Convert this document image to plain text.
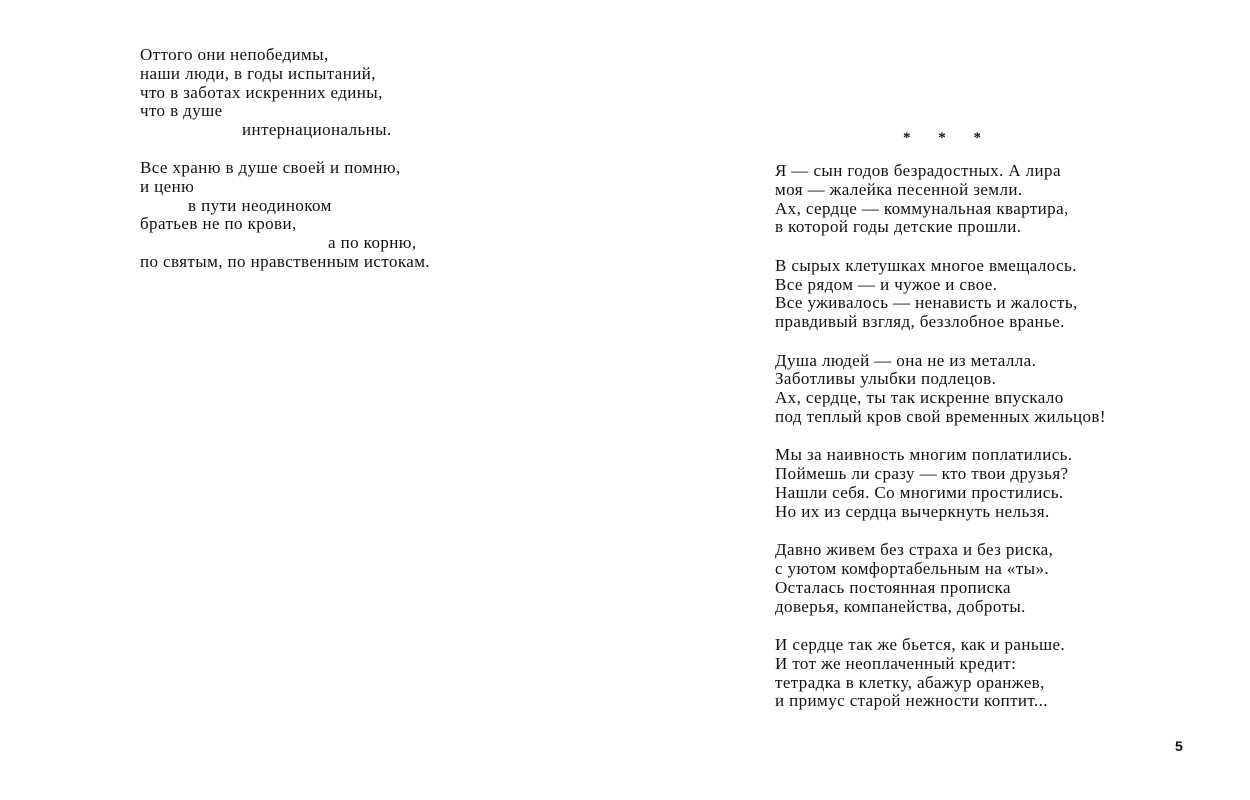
Оттого они непобедимы,
наши люди, в годы испытаний,
что в заботах искренних едины,
что в душе
интернациональны.
Все храню в душе своей и помню,
и ценю
в пути неодиноком
братьев не по крови,
а по корню,
по святым, по нравственным истокам.
* * *
Я — сын годов безрадостных. А лира
моя — жалейка песенной земли.
Ах, сердце — коммунальная квартира,
в которой годы детские прошли.
В сырых клетушках многое вмещалось.
Все рядом — и чужое и свое.
Все уживалось — ненависть и жалость,
правдивый взгляд, беззлобное вранье.
Душа людей — она не из металла.
Заботливы улыбки подлецов.
Ах, сердце, ты так искренне впускало
под теплый кров свой временных жильцов!
Мы за наивность многим поплатились.
Поймешь ли сразу — кто твои друзья?
Нашли себя. Со многими простились.
Но их из сердца вычеркнуть нельзя.
Давно живем без страха и без риска,
с уютом комфортабельным на «ты».
Осталась постоянная прописка
доверья, компанейства, доброты.
И сердце так же бьется, как и раньше.
И тот же неоплаченный кредит:
тетрадка в клетку, абажур оранжев,
и примус старой нежности коптит...
5
